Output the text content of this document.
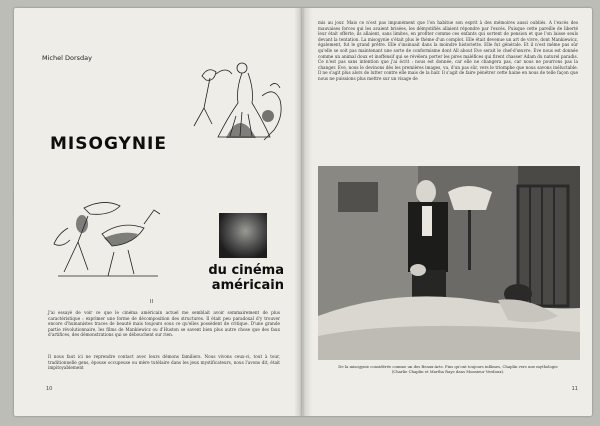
Michel Dorsday
MISOGYNIE
du cinéma
américain
II
J'ai essayé de voir ce que le cinéma américain actuel me semblait avoir sommairement de plus caractéristique : exprimer une forme de décomposition des structures. Il était peu paradoxal d'y trouver encore d'humanistes traces de beauté mais toujours sous ce qu'elles possèdent de critique. D'une grande partie révolutionnaire, les films de Mankiewicz ou d'Huston se savent bien plus autre chose que des faux d'artifices, des démonstrations qui se débouchent sur rien.
Il nous faut ici ne reprendre contact avec leurs démons familiers. Nous vivons ceux-ci, tout à tour, traditionnelle gens, épouse occupeuse ou mère tutélaire dans les jeux mystificateurs, nous l'avons dit, était impitoyablement
10
mis au jour. Mais ce n'est pas impunément que l'on habitue son esprit à des mémoires aussi oubliés. A l'excès des mauvaises forces qui les avaient brisées, les démystifiés allaient répondre par l'excès. Puisque cette pareille de liberté leur était offerte, ils allaient, sans limites, en profiter comme ces enfants qui sortent de pension et que l'on laisse seuls devant la tentation. La misogynie s'était plus le thème d'un complot. Elle était devenue un art de vivre, dont Mankiewicz, également, fut le grand prêtre. Elle s'insinuait dans la moindre historiette. Elle fut générale. Et il n'est même pas sûr qu'elle se soit pas maintenant une sorte de conformisme dont All about Eve serait le chef-d'œuvre. Eve nous est donnée comme un animal doux et inoffensif qui se révélera porter les pires maléfices qui firent chasser Adam du naturel paradis. Ce n'est pas sans intention que j'ai écrit : nous est donnée, car elle ne changera pas, car nous ne pourrons pas la changer. Eve, nous le devinons dès les premières images, va, d'un pas sûr, vers le triomphe que nous savons inéluctable. Il ne s'agit plus alors de lutter contre elle mais de la haïr. Il s'agit de faire pénétrer cette haine en nous de telle façon que nous ne puissions plus mettre sur un visage de
De la misogynie considérée comme un des Beaux-Arts. Fins qu'ont toujours infâmes, Chaplin vers une mythologie (Charlie Chaplin et Martha Raye dans Monsieur Verdoux).
11
